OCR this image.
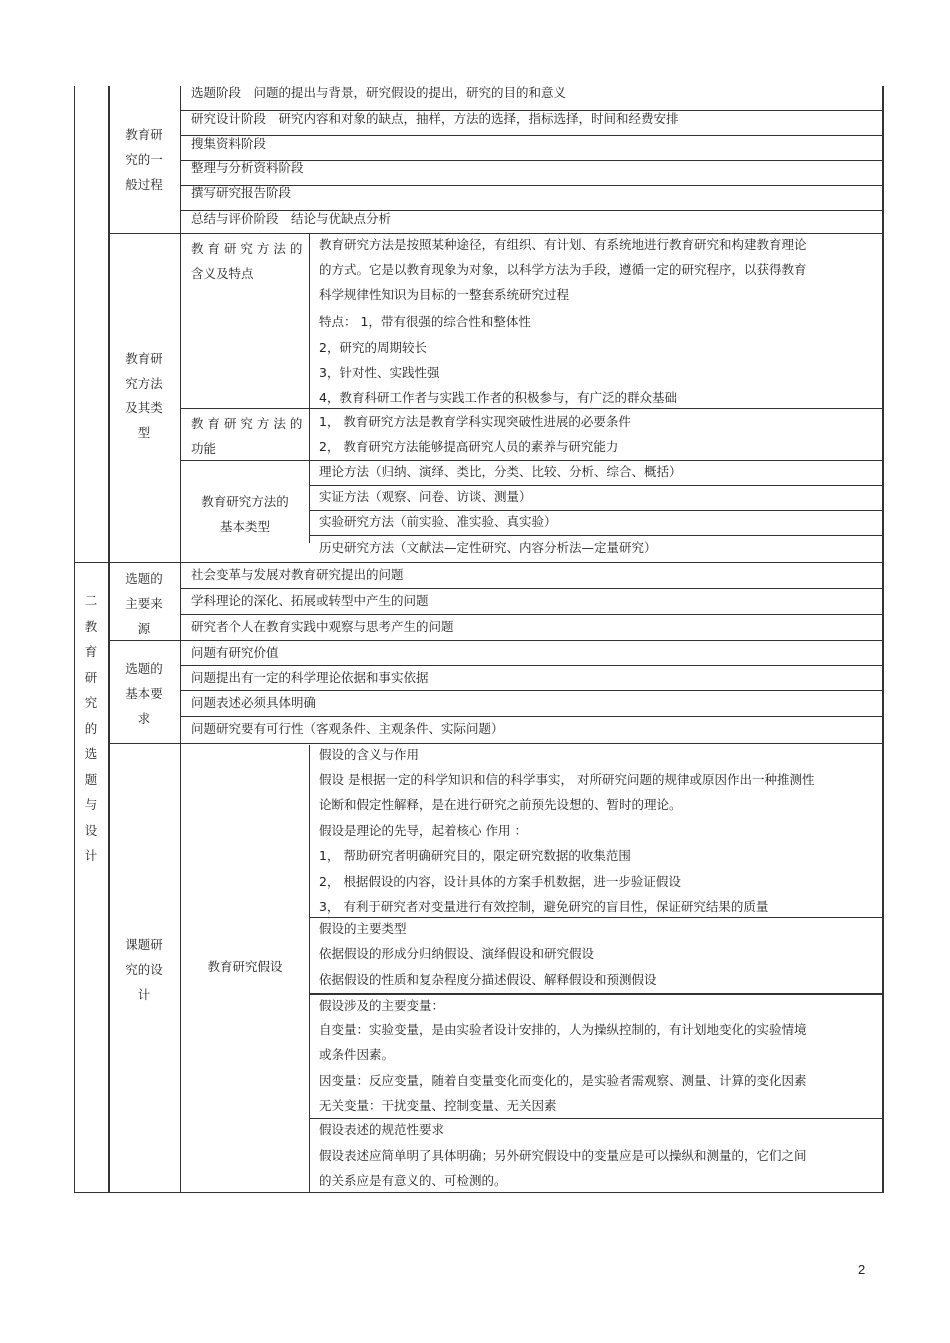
教育研
究的一
般过程
选题阶段　问题的提出与背景，研究假设的提出，研究的目的和意义
研究设计阶段　研究内容和对象的缺点，抽样，方法的选择，指标选择，时间和经费安排
搜集资料阶段
整理与分析资料阶段
撰写研究报告阶段
总结与评价阶段　结论与优缺点分析
教育研
究方法
及其类
型
教 育 研 究 方 法 的
含义及特点
教育研究方法是按照某种途径，有组织、有计划、有系统地进行教育研究和构建教育理论
的方式。它是以教育现象为对象，以科学方法为手段，遵循一定的研究程序，以获得教育
科学规律性知识为目标的一整套系统研究过程
特点： 1，带有很强的综合性和整体性
2，研究的周期较长
3，针对性、实践性强
4，教育科研工作者与实践工作者的积极参与，有广泛的群众基础
教 育 研 究 方 法 的
功能
1， 教育研究方法是教育学科实现突破性进展的必要条件
2， 教育研究方法能够提高研究人员的素养与研究能力
教育研究方法的
基本类型
理论方法（归纳、演绎、类比，分类、比较、分析、综合、概括）
实证方法（观察、问卷、访谈、测量）
实验研究方法（前实验、准实验、真实验）
历史研究方法（文献法—定性研究、内容分析法—定量研究）
二
教
育
研
究
的
选
题
与
设
计
选题的
主要来
源
社会变革与发展对教育研究提出的问题
学科理论的深化、拓展或转型中产生的问题
研究者个人在教育实践中观察与思考产生的问题
选题的
基本要
求
问题有研究价值
问题提出有一定的科学理论依据和事实依据
问题表述必须具体明确
问题研究要有可行性（客观条件、主观条件、实际问题）
课题研
究的设
计
教育研究假设
假设的含义与作用
假设 是根据一定的科学知识和信的科学事实， 对所研究问题的规律或原因作出一种推测性
论断和假定性解释，是在进行研究之前预先设想的、暂时的理论。
假设是理论的先导，起着核心 作用 ：
1， 帮助研究者明确研究目的，限定研究数据的收集范围
2， 根据假设的内容，设计具体的方案手机数据，进一步验证假设
3， 有利于研究者对变量进行有效控制，避免研究的盲目性，保证研究结果的质量
假设的主要类型
依据假设的形成分归纳假设、演绎假设和研究假设
依据假设的性质和复杂程度分描述假设、解释假设和预测假设
假设涉及的主要变量：
自变量：实验变量，是由实验者设计安排的，人为操纵控制的，有计划地变化的实验情境
或条件因素。
因变量：反应变量，随着自变量变化而变化的，是实验者需观察、测量、计算的变化因素
无关变量：干扰变量、控制变量、无关因素
假设表述的规范性要求
假设表述应简单明了具体明确；另外研究假设中的变量应是可以操纵和测量的，它们之间
的关系应是有意义的、可检测的。
2
